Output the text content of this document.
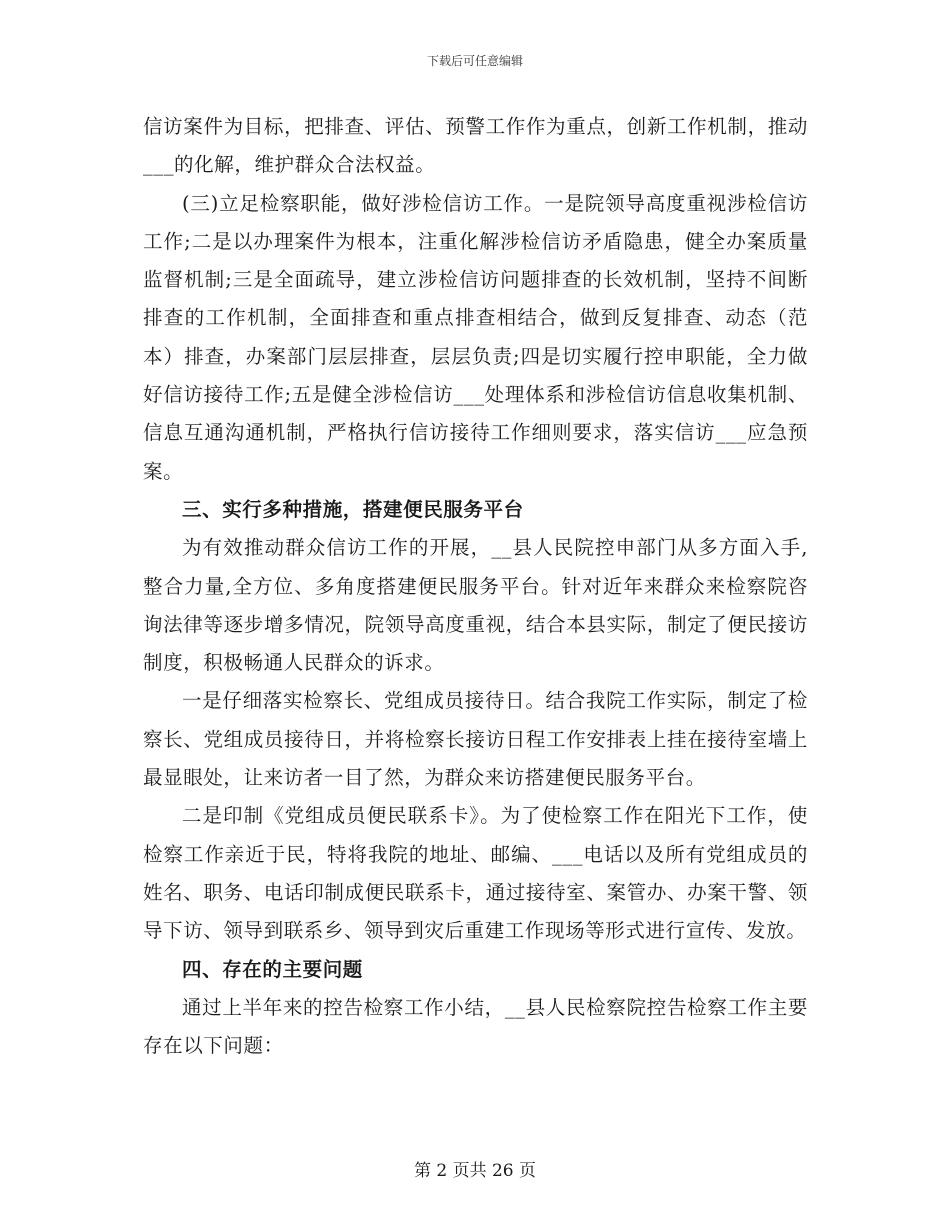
下载后可任意编辑

信访案件为目标，把排查、评估、预警工作作为重点，创新工作机制，推动___的化解，维护群众合法权益。

(三)立足检察职能，做好涉检信访工作。一是院领导高度重视涉检信访工作;二是以办理案件为根本，注重化解涉检信访矛盾隐患，健全办案质量监督机制;三是全面疏导，建立涉检信访问题排查的长效机制，坚持不间断排查的工作机制，全面排查和重点排查相结合，做到反复排查、动态（范本）排查，办案部门层层排查，层层负责;四是切实履行控申职能，全力做好信访接待工作;五是健全涉检信访___处理体系和涉检信访信息收集机制、信息互通沟通机制，严格执行信访接待工作细则要求，落实信访___应急预案。

三、实行多种措施，搭建便民服务平台

为有效推动群众信访工作的开展，__县人民院控申部门从多方面入手,整合力量,全方位、多角度搭建便民服务平台。针对近年来群众来检察院咨询法律等逐步增多情况，院领导高度重视，结合本县实际，制定了便民接访制度，积极畅通人民群众的诉求。

一是仔细落实检察长、党组成员接待日。结合我院工作实际，制定了检察长、党组成员接待日，并将检察长接访日程工作安排表上挂在接待室墙上最显眼处，让来访者一目了然，为群众来访搭建便民服务平台。

二是印制《党组成员便民联系卡》。为了使检察工作在阳光下工作，使检察工作亲近于民，特将我院的地址、邮编、___电话以及所有党组成员的姓名、职务、电话印制成便民联系卡，通过接待室、案管办、办案干警、领导下访、领导到联系乡、领导到灾后重建工作现场等形式进行宣传、发放。

四、存在的主要问题

通过上半年来的控告检察工作小结，__县人民检察院控告检察工作主要存在以下问题：

第 2 页共 26 页
